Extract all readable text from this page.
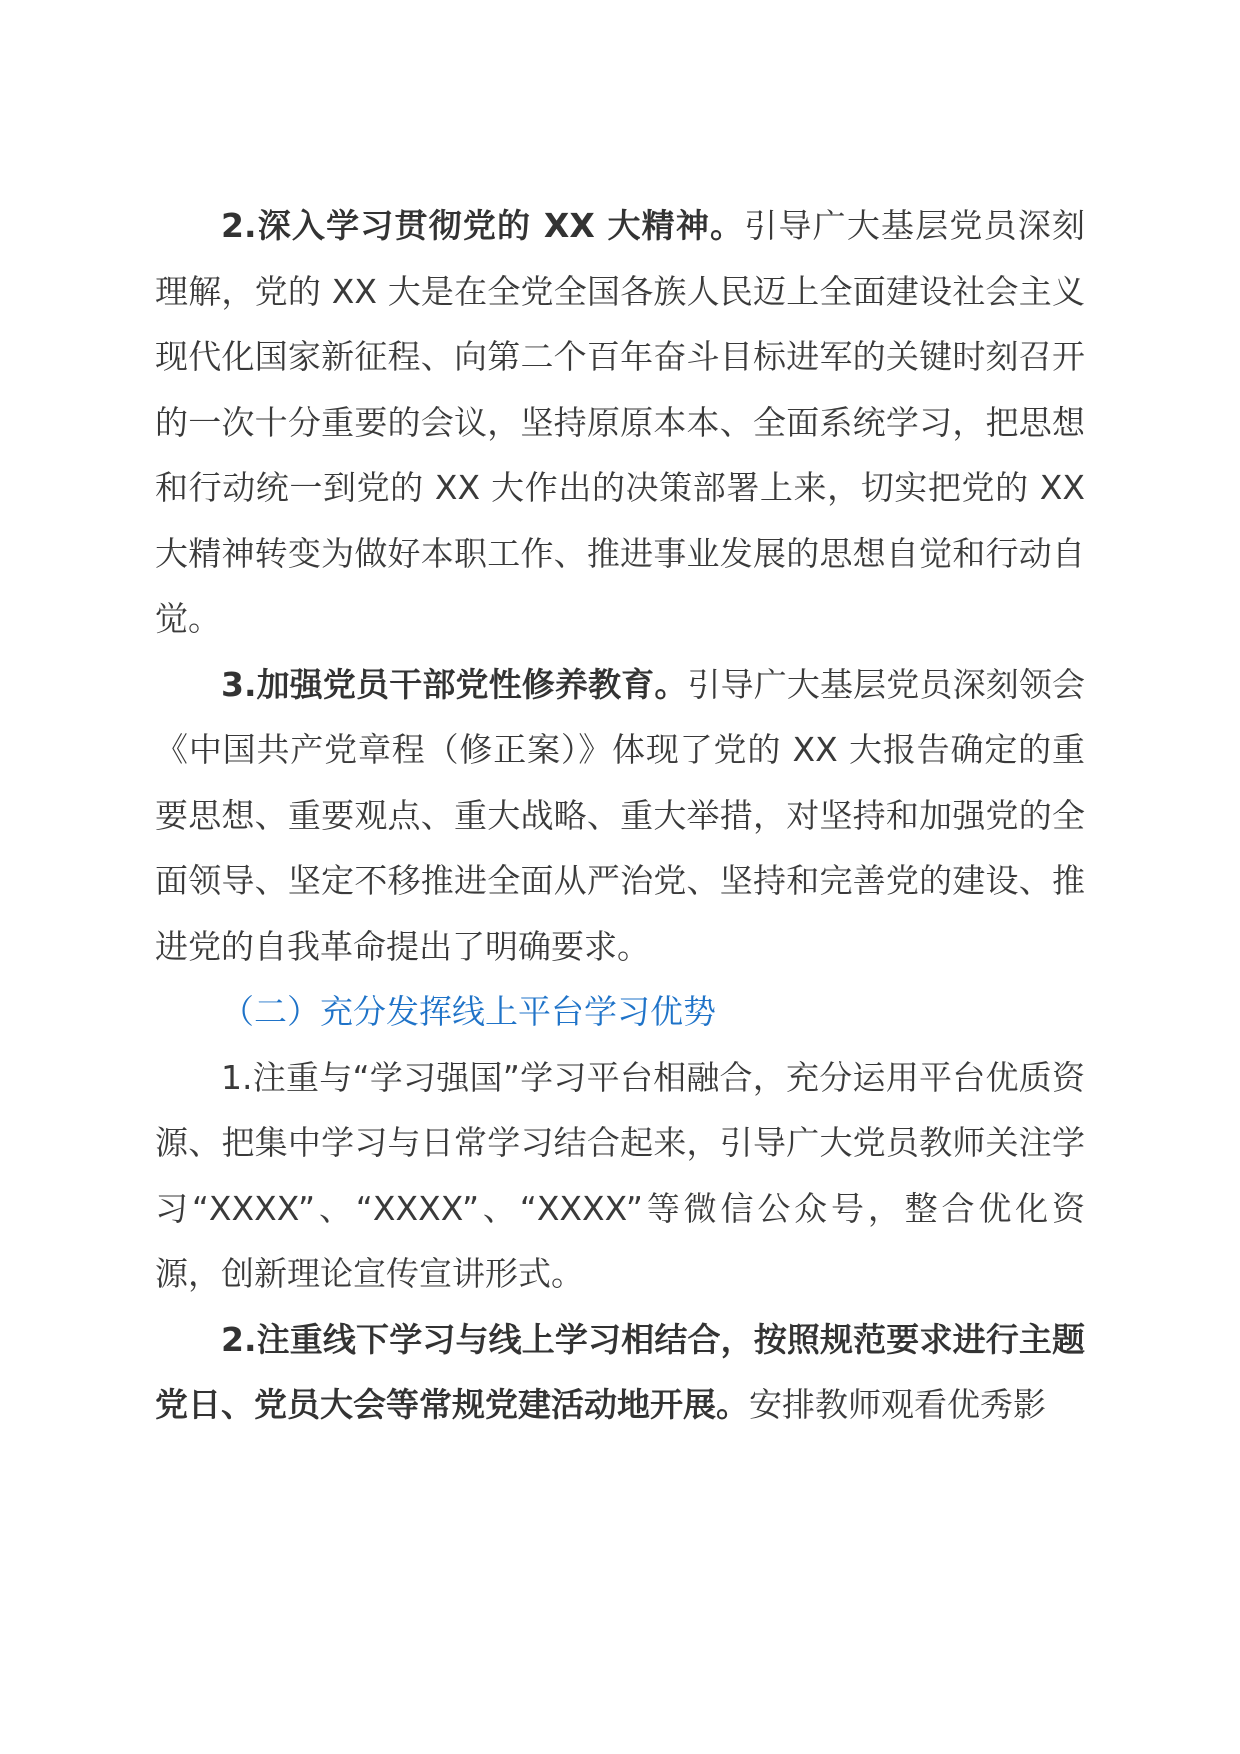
2.深入学习贯彻党的 XX 大精神。引导广大基层党员深刻理解，党的 XX 大是在全党全国各族人民迈上全面建设社会主义现代化国家新征程、向第二个百年奋斗目标进军的关键时刻召开的一次十分重要的会议，坚持原原本本、全面系统学习，把思想和行动统一到党的 XX 大作出的决策部署上来，切实把党的 XX 大精神转变为做好本职工作、推进事业发展的思想自觉和行动自觉。

3.加强党员干部党性修养教育。引导广大基层党员深刻领会《中国共产党章程（修正案）》体现了党的 XX 大报告确定的重要思想、重要观点、重大战略、重大举措，对坚持和加强党的全面领导、坚定不移推进全面从严治党、坚持和完善党的建设、推进党的自我革命提出了明确要求。

（二）充分发挥线上平台学习优势

1.注重与“学习强国”学习平台相融合，充分运用平台优质资源、把集中学习与日常学习结合起来，引导广大党员教师关注学习“XXXX”、“XXXX”、“XXXX”等微信公众号，整合优化资源，创新理论宣传宣讲形式。

2.注重线下学习与线上学习相结合，按照规范要求进行主题党日、党员大会等常规党建活动地开展。安排教师观看优秀影
